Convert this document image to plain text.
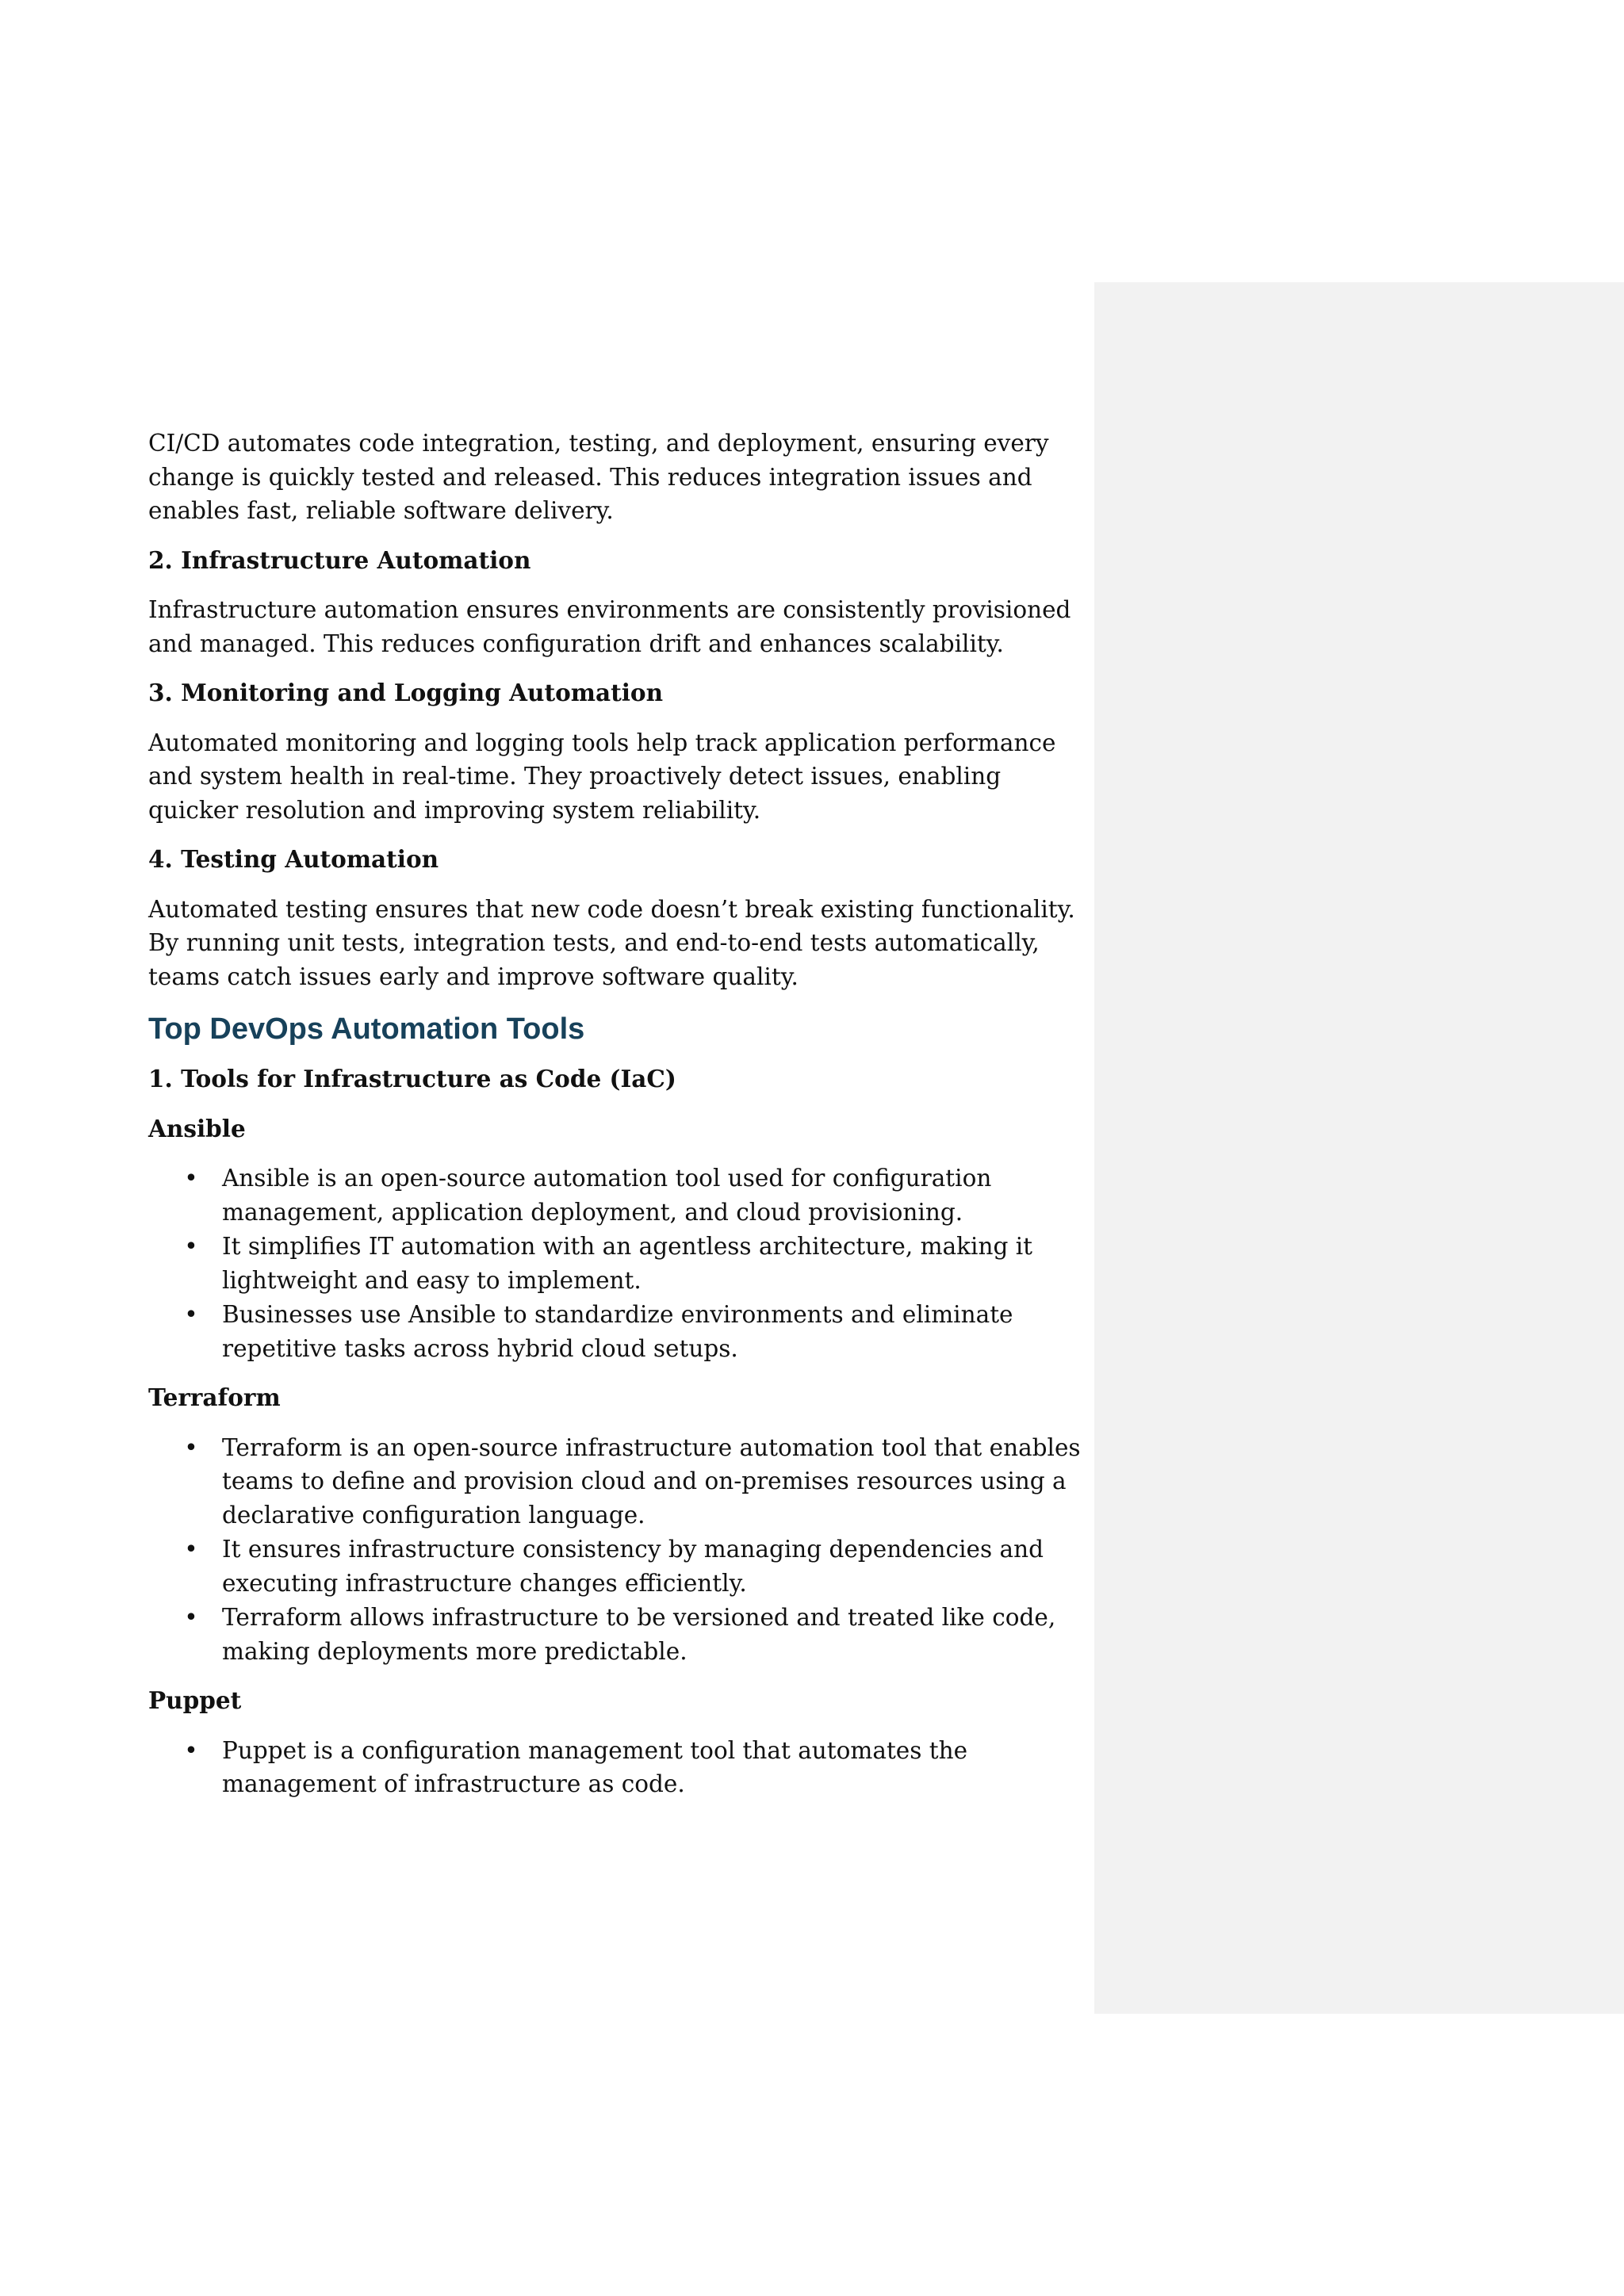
CI/CD automates code integration, testing, and deployment, ensuring every change is quickly tested and released. This reduces integration issues and enables fast, reliable software delivery.

2. Infrastructure Automation

Infrastructure automation ensures environments are consistently provisioned and managed. This reduces configuration drift and enhances scalability.

3. Monitoring and Logging Automation

Automated monitoring and logging tools help track application performance and system health in real-time. They proactively detect issues, enabling quicker resolution and improving system reliability.

4. Testing Automation

Automated testing ensures that new code doesn’t break existing functionality. By running unit tests, integration tests, and end-to-end tests automatically, teams catch issues early and improve software quality.

Top DevOps Automation Tools
1. Tools for Infrastructure as Code (IaC)
Ansible
• Ansible is an open-source automation tool used for configuration management, application deployment, and cloud provisioning.
• It simplifies IT automation with an agentless architecture, making it lightweight and easy to implement.
• Businesses use Ansible to standardize environments and eliminate repetitive tasks across hybrid cloud setups.
Terraform
• Terraform is an open-source infrastructure automation tool that enables teams to define and provision cloud and on-premises resources using a declarative configuration language.
• It ensures infrastructure consistency by managing dependencies and executing infrastructure changes efficiently.
• Terraform allows infrastructure to be versioned and treated like code, making deployments more predictable.
Puppet
• Puppet is a configuration management tool that automates the management of infrastructure as code.
